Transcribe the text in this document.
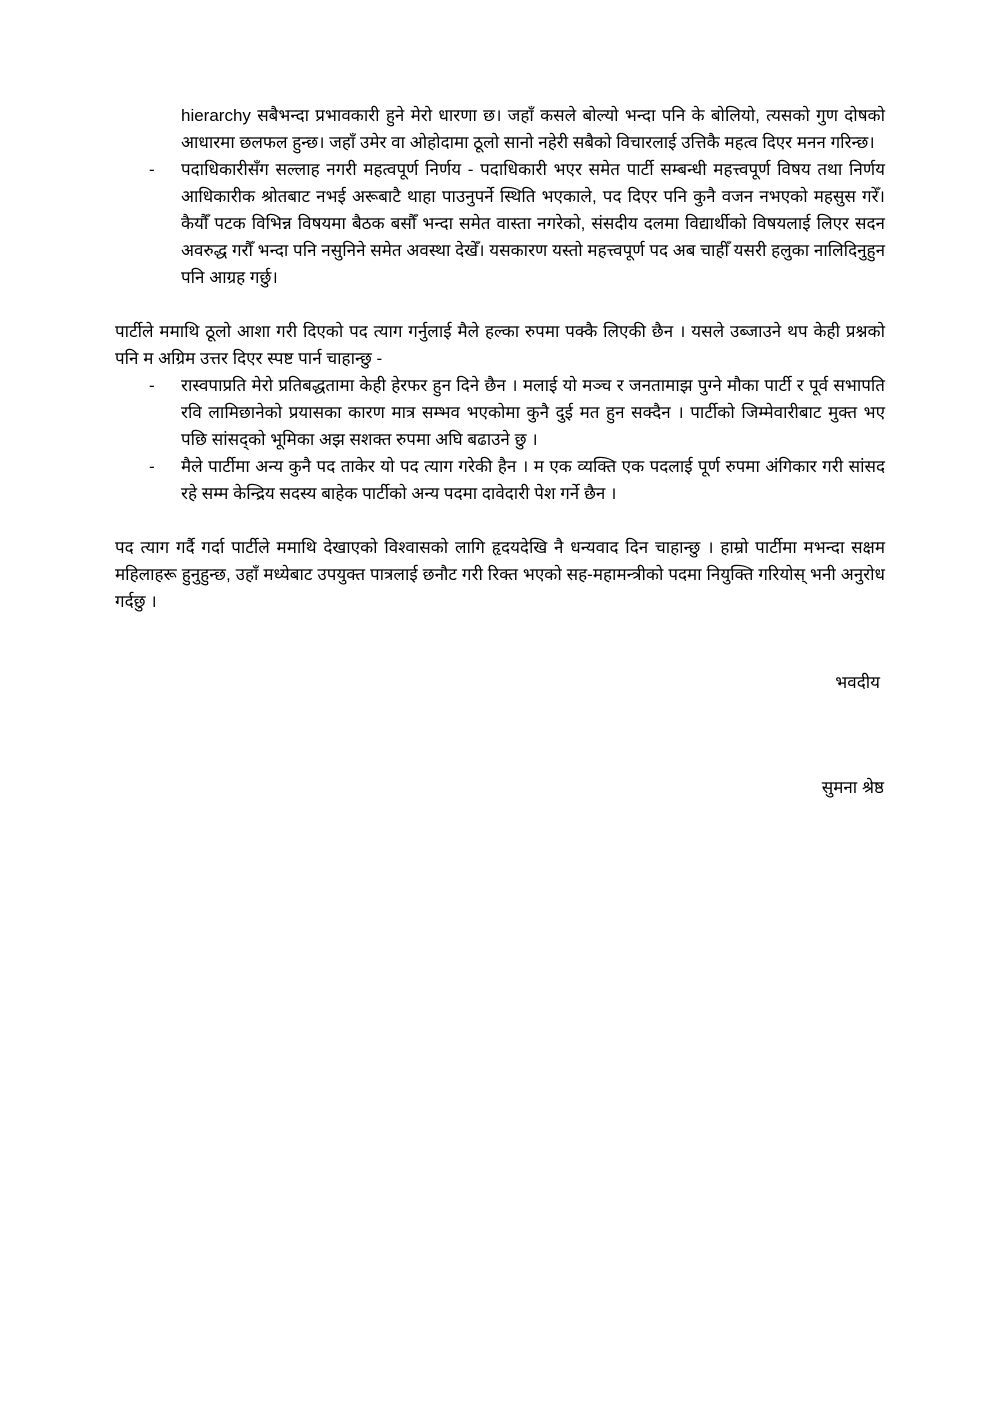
hierarchy सबैभन्दा प्रभावकारी हुने मेरो धारणा छ। जहाँ कसले बोल्यो भन्दा पनि के बोलियो, त्यसको गुण दोषको आधारमा छलफल हुन्छ। जहाँ उमेर वा ओहोदामा ठूलो सानो नहेरी सबैको विचारलाई उत्तिकै महत्व दिएर मनन गरिन्छ।
- पदाधिकारीसँग सल्लाह नगरी महत्वपूर्ण निर्णय - पदाधिकारी भएर समेत पार्टी सम्बन्धी महत्त्वपूर्ण विषय तथा निर्णय आधिकारीक श्रोतबाट नभई अरूबाटै थाहा पाउनुपर्ने स्थिति भएकाले, पद दिएर पनि कुनै वजन नभएको महसुस गरेँ। कैयौँ पटक विभिन्न विषयमा बैठक बसौँ भन्दा समेत वास्ता नगरेको, संसदीय दलमा विद्यार्थीको विषयलाई लिएर सदन अवरुद्ध गरौँ भन्दा पनि नसुनिने समेत अवस्था देखेँ। यसकारण यस्तो महत्त्वपूर्ण पद अब चाहीँ यसरी हलुका नालिदिनुहुन पनि आग्रह गर्छु।
पार्टीले ममाथि ठूलो आशा गरी दिएको पद त्याग गर्नुलाई मैले हल्का रुपमा पक्कै लिएकी छैन । यसले उब्जाउने थप केही प्रश्नको पनि म अग्रिम उत्तर दिएर स्पष्ट पार्न चाहान्छु -
- रास्वपाप्रति मेरो प्रतिबद्धतामा केही हेरफर हुन दिने छैन । मलाई यो मञ्च र जनतामाझ पुग्ने मौका पार्टी र पूर्व सभापति रवि लामिछानेको प्रयासका कारण मात्र सम्भव भएकोमा कुनै दुई मत हुन सक्दैन । पार्टीको जिम्मेवारीबाट मुक्त भए पछि सांसद्को भूमिका अझ सशक्त रुपमा अघि बढाउने छु ।
- मैले पार्टीमा अन्य कुनै पद ताकेर यो पद त्याग गरेकी हैन । म एक व्यक्ति एक पदलाई पूर्ण रुपमा अंगिकार गरी सांसद रहे सम्म केन्द्रिय सदस्य बाहेक पार्टीको अन्य पदमा दावेदारी पेश गर्ने छैन ।
पद त्याग गर्दै गर्दा पार्टीले ममाथि देखाएको विश्वासको लागि हृदयदेखि नै धन्यवाद दिन चाहान्छु । हाम्रो पार्टीमा मभन्दा सक्षम महिलाहरू हुनुहुन्छ, उहाँ मध्येबाट उपयुक्त पात्रलाई छनौट गरी रिक्त भएको सह-महामन्त्रीको पदमा नियुक्ति गरियोस् भनी अनुरोध गर्दछु ।
भवदीय
सुमना श्रेष्ठ
